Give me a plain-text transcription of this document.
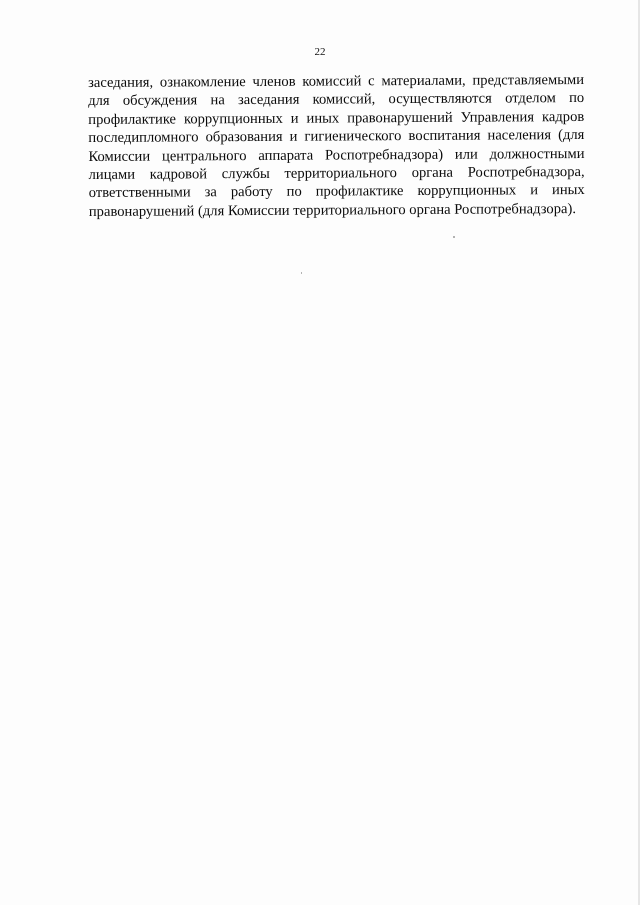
22

заседания, ознакомление членов комиссий с материалами, представляемыми для обсуждения на заседания комиссий, осуществляются отделом по профилактике коррупционных и иных правонарушений Управления кадров последипломного образования и гигиенического воспитания населения (для Комиссии центрального аппарата Роспотребнадзора) или должностными лицами кадровой службы территориального органа Роспотребнадзора, ответственными за работу по профилактике коррупционных и иных правонарушений (для Комиссии территориального органа Роспотребнадзора).
